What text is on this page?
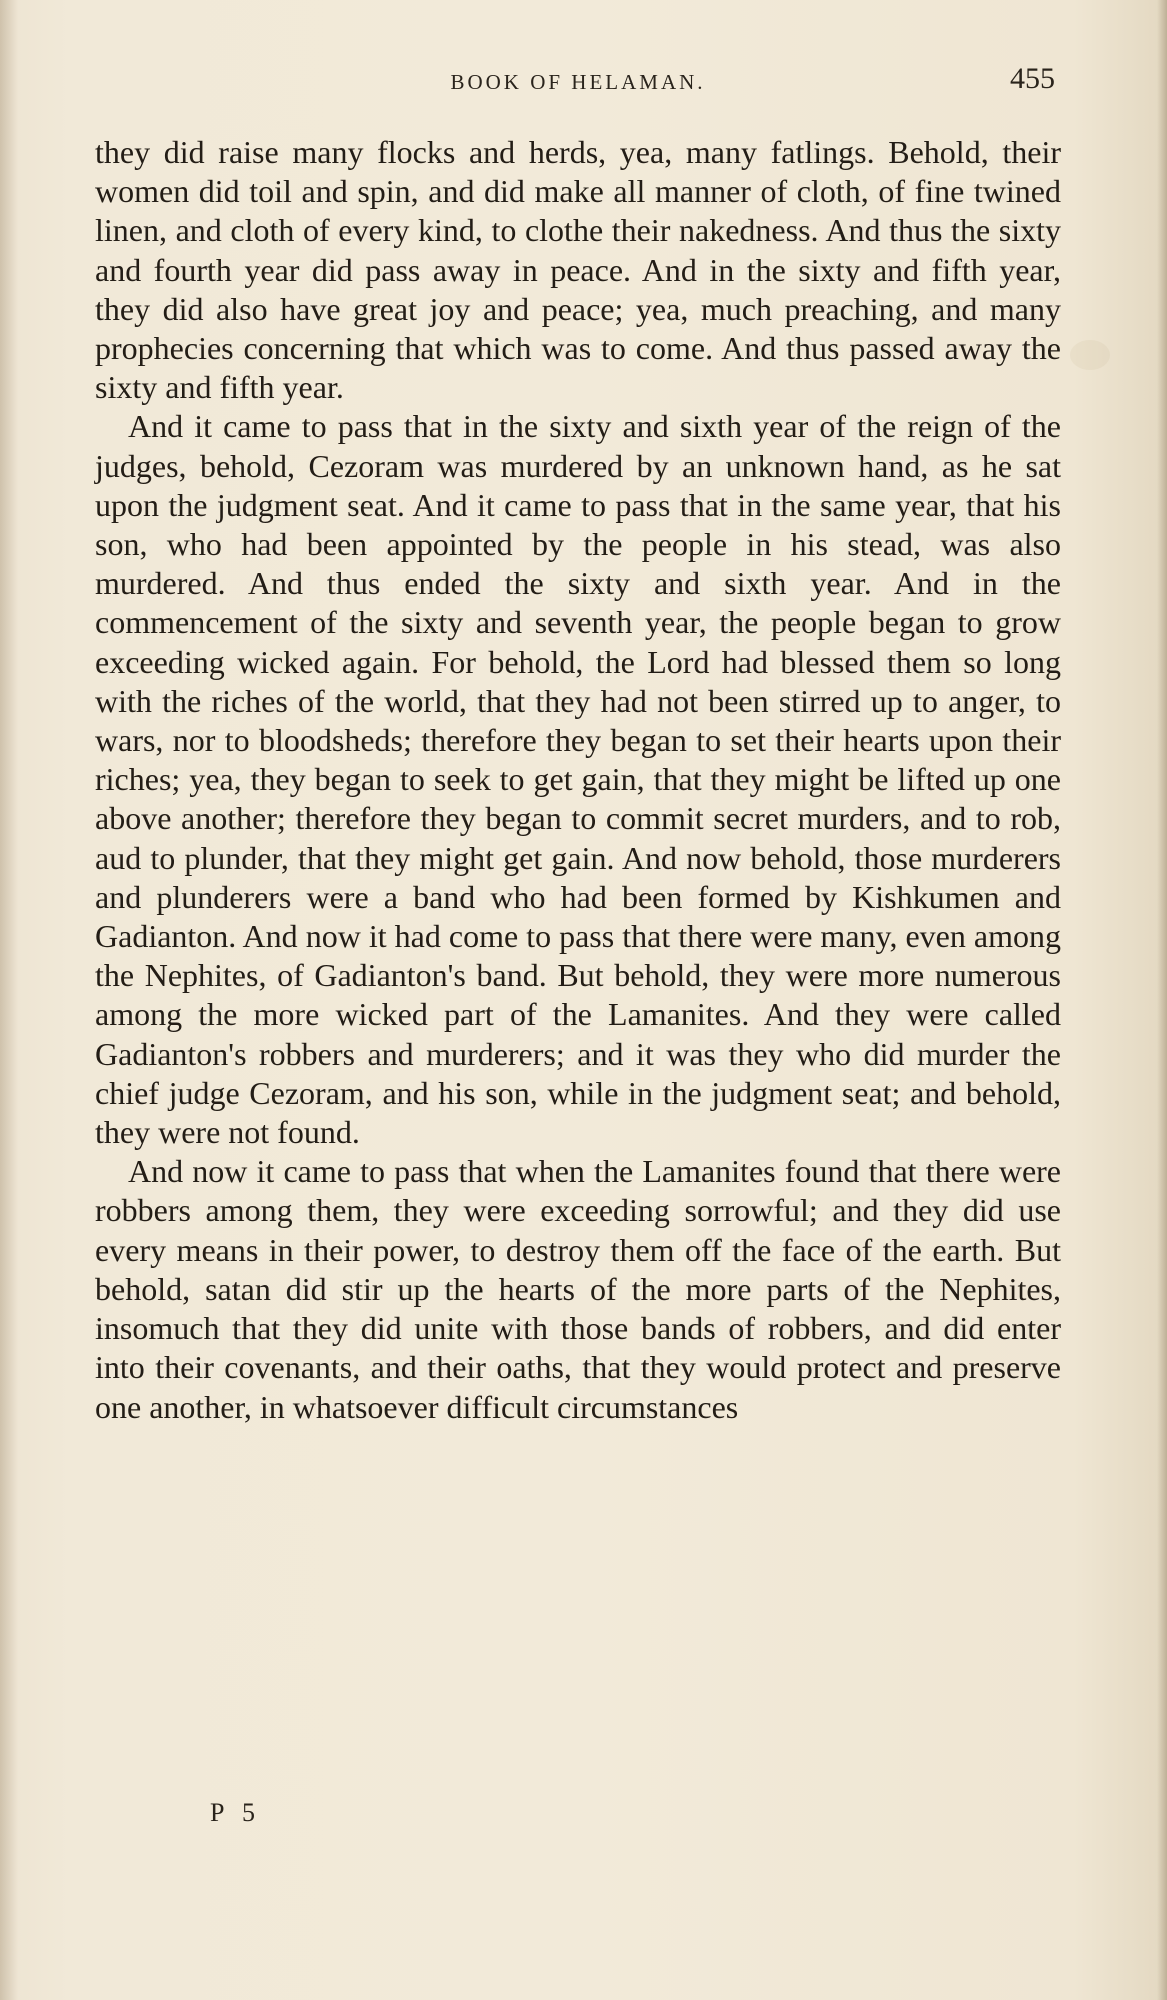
BOOK OF HELAMAN.	455

they did raise many flocks and herds, yea, many fatlings. Behold, their women did toil and spin, and did make all manner of cloth, of fine twined linen, and cloth of every kind, to clothe their nakedness. And thus the sixty and fourth year did pass away in peace. And in the sixty and fifth year, they did also have great joy and peace; yea, much preaching, and many prophecies concerning that which was to come. And thus passed away the sixty and fifth year.

And it came to pass that in the sixty and sixth year of the reign of the judges, behold, Cezoram was murdered by an unknown hand, as he sat upon the judgment seat. And it came to pass that in the same year, that his son, who had been appointed by the people in his stead, was also murdered. And thus ended the sixty and sixth year. And in the commencement of the sixty and seventh year, the people began to grow exceeding wicked again. For behold, the Lord had blessed them so long with the riches of the world, that they had not been stirred up to anger, to wars, nor to bloodsheds; therefore they began to set their hearts upon their riches; yea, they began to seek to get gain, that they might be lifted up one above another; therefore they began to commit secret murders, and to rob, aud to plunder, that they might get gain. And now behold, those murderers and plunderers were a band who had been formed by Kishkumen and Gadianton. And now it had come to pass that there were many, even among the Nephites, of Gadianton's band. But behold, they were more numerous among the more wicked part of the Lamanites. And they were called Gadianton's robbers and murderers; and it was they who did murder the chief judge Cezoram, and his son, while in the judgment seat; and behold, they were not found.

And now it came to pass that when the Lamanites found that there were robbers among them, they were exceeding sorrowful; and they did use every means in their power, to destroy them off the face of the earth. But behold, satan did stir up the hearts of the more parts of the Nephites, insomuch that they did unite with those bands of robbers, and did enter into their covenants, and their oaths, that they would protect and preserve one another, in whatsoever difficult circumstances

P 5
